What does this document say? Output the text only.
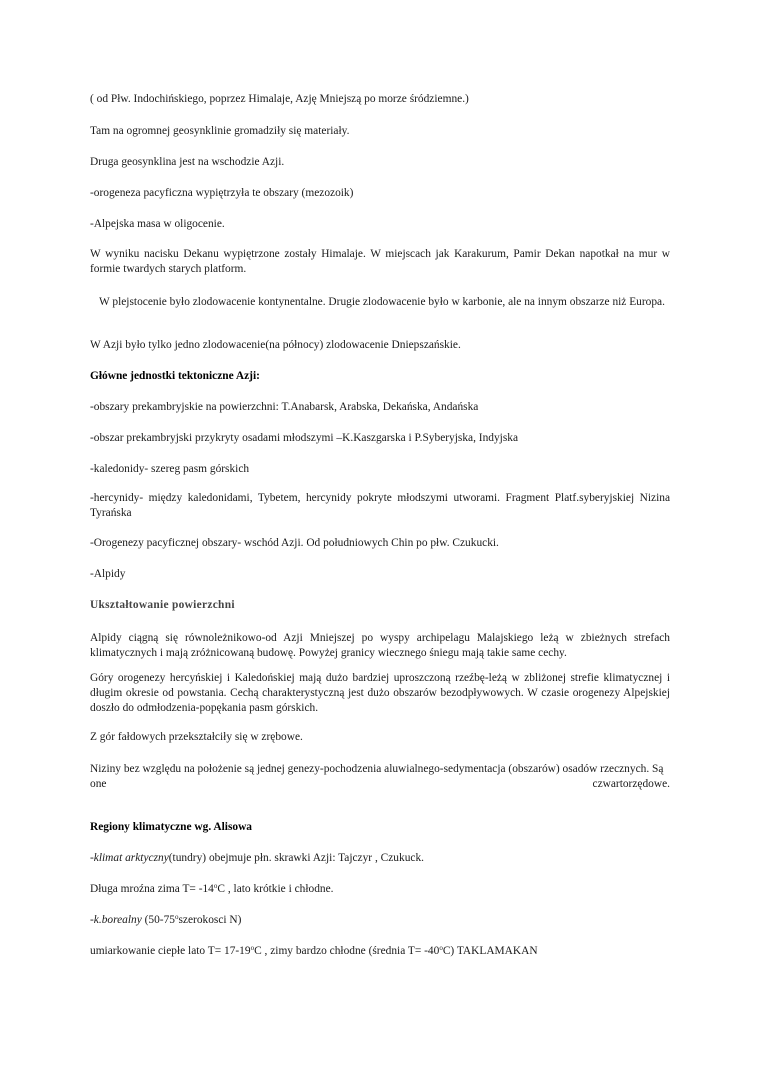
( od Płw. Indochińskiego, poprzez Himalaje, Azję Mniejszą po morze śródziemne.)

Tam na ogromnej geosynklinie gromadziły się materiały.

Druga geosynklina jest na wschodzie Azji.

-orogeneza pacyficzna wypiętrzyła te obszary (mezozoik)

-Alpejska masa w oligocenie.

W wyniku nacisku Dekanu wypiętrzone zostały Himalaje. W miejscach jak Karakurum, Pamir Dekan napotkał na mur w formie twardych starych platform.

W plejstocenie było zlodowacenie kontynentalne. Drugie zlodowacenie było w karbonie, ale na innym obszarze niż Europa.

W Azji było tylko jedno zlodowacenie(na północy) zlodowacenie Dniepszańskie.

Główne jednostki tektoniczne Azji:

-obszary prekambryjskie na powierzchni: T.Anabarsk, Arabska, Dekańska, Andańska

-obszar prekambryjski przykryty osadami młodszymi –K.Kaszgarska i P.Syberyjska, Indyjska

-kaledonidy- szereg pasm górskich

-hercynidy- między kaledonidami, Tybetem, hercynidy pokryte młodszymi utworami. Fragment Platf.syberyjskiej Nizina Tyrańska

-Orogenezy pacyficznej obszary- wschód Azji. Od południowych Chin po płw. Czukucki.

-Alpidy

Ukształtowanie powierzchni

Alpidy ciągną się równoleżnikowo-od Azji Mniejszej po wyspy archipelagu Malajskiego leżą w zbieżnych strefach klimatycznych i mają zróżnicowaną budowę. Powyżej granicy wiecznego śniegu mają takie same cechy.

Góry orogenezy hercyńskiej i Kaledońskiej mają dużo bardziej uproszczoną rzeźbę-leżą w zbliżonej strefie klimatycznej i długim okresie od powstania. Cechą charakterystyczną jest dużo obszarów bezodpływowych. W czasie orogenezy Alpejskiej doszło do odmłodzenia-popękania pasm górskich.

Z gór fałdowych przekształciły się w zrębowe.

Niziny bez względu na położenie są jednej genezy-pochodzenia aluwialnego-sedymentacja (obszarów) osadów rzecznych. Są
one	czwartorzędowe.

Regiony klimatyczne wg. Alisowa

-klimat arktyczny(tundry) obejmuje płn. skrawki Azji: Tajczyr , Czukuck.

Długa mroźna zima $T= -14^oC$ , lato krótkie i chłodne.

-k.borealny (50-75$^o$szerokosci N)

umiarkowanie ciepłe lato $T= 17-19^oC$ , zimy bardzo chłodne (średnia $T= -40^oC$) TAKLAMAKAN
